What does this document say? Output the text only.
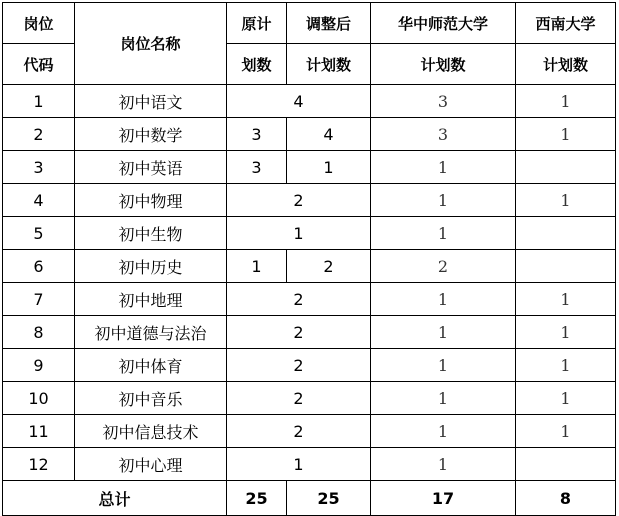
岗位	岗位名称	原计	调整后	华中师范大学	西南大学
代码		划数	计划数	计划数	计划数
1	初中语文	4		3	1
2	初中数学	3	4	3	1
3	初中英语	3	1	1	
4	初中物理	2		1	1
5	初中生物	1		1	
6	初中历史	1	2	2	
7	初中地理	2		1	1
8	初中道德与法治	2		1	1
9	初中体育	2		1	1
10	初中音乐	2		1	1
11	初中信息技术	2		1	1
12	初中心理	1		1	
总计		25	25	17	8
